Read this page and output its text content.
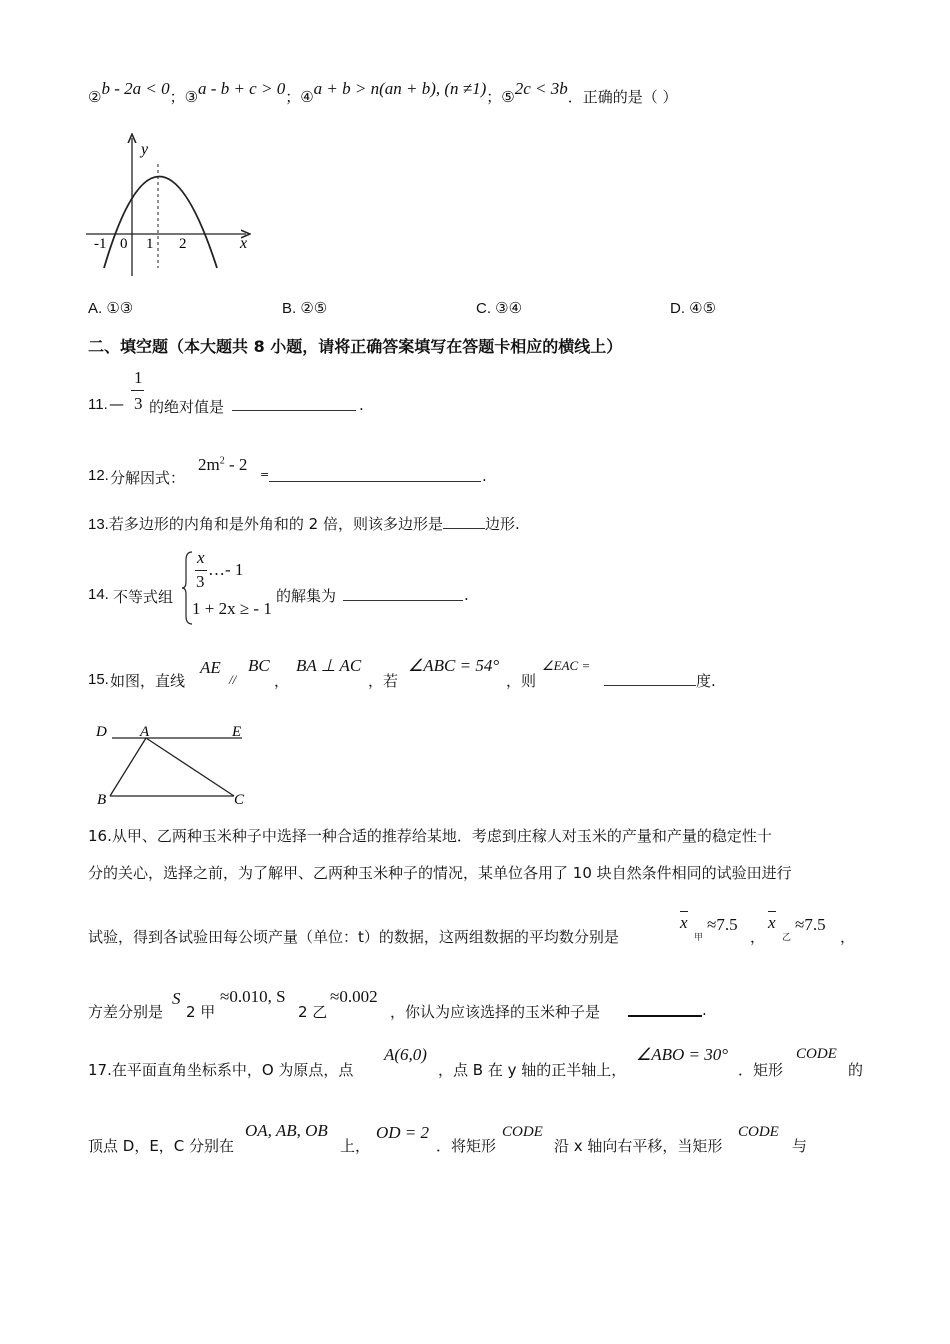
②b - 2a < 0；③a - b + c > 0；④a + b > n(an + b), (n ≠1)；⑤2c < 3b．正确的是（ ）
y
x
-1 0 1 2
A. ①③	B. ②⑤	C. ③④	D. ④⑤
二、填空题（本大题共 8 小题，请将正确答案填写在答题卡相应的横线上）
11. —
1
3 的绝对值是	.
12. 分解因式：
$2m^2 - 2$
=	.
13.若多边形的内角和是外角和的 2 倍，则该多边形是	边形.
14. 不等式组
x
3
…- 1
1 + 2x ≥ - 1
的解集为	.
15. 如图，直线
AE
//
BC
，
BA ⊥ AC
，若
∠ABC = 54°
，则
∠EAC =
度.
D A	E
B	C
16.从甲、乙两种玉米种子中选择一种合适的推荐给某地．考虑到庄稼人对玉米的产量和产量的稳定性十
分的关心，选择之前，为了解甲、乙两种玉米种子的情况，某单位各用了 10 块自然条件相同的试验田进行
试验，得到各试验田每公顷产量（单位：t）的数据，这两组数据的平均数分别是
x
甲
≈7.5
，
x
乙
≈7.5
，
方差分别是
S
2 甲
≈0.010, S
2 乙
≈0.002
，你认为应该选择的玉米种子是	.
17.在平面直角坐标系中，O 为原点，点
A(6,0)
，点 B 在 y 轴的正半轴上，
∠ABO = 30°
．矩形
CODE
的
顶点 D，E，C 分别在
OA, AB, OB
上，
OD = 2
．将矩形
CODE
沿 x 轴向右平移，当矩形
CODE
与
